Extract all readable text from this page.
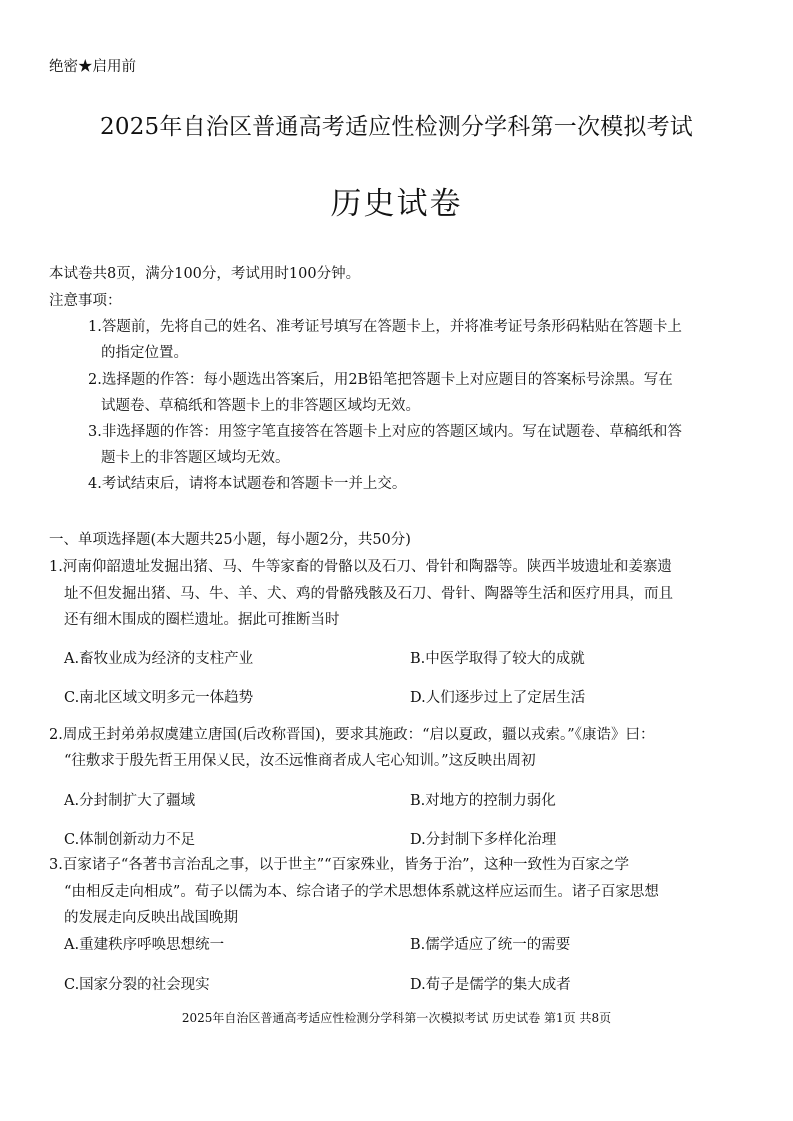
绝密★启用前
2025年自治区普通高考适应性检测分学科第一次模拟考试
历史试卷
本试卷共8页，满分100分，考试用时100分钟。
注意事项：
1.答题前，先将自己的姓名、准考证号填写在答题卡上，并将准考证号条形码粘贴在答题卡上
的指定位置。
2.选择题的作答：每小题选出答案后，用2B铅笔把答题卡上对应题目的答案标号涂黑。写在
试题卷、草稿纸和答题卡上的非答题区域均无效。
3.非选择题的作答：用签字笔直接答在答题卡上对应的答题区域内。写在试题卷、草稿纸和答
题卡上的非答题区域均无效。
4.考试结束后，请将本试题卷和答题卡一并上交。
一、单项选择题(本大题共25小题，每小题2分，共50分)
1.河南仰韶遗址发掘出猪、马、牛等家畜的骨骼以及石刀、骨针和陶器等。陕西半坡遗址和姜寨遗
址不但发掘出猪、马、牛、羊、犬、鸡的骨骼残骸及石刀、骨针、陶器等生活和医疗用具，而且
还有细木围成的圈栏遗址。据此可推断当时
A.畜牧业成为经济的支柱产业	B.中医学取得了较大的成就
C.南北区域文明多元一体趋势	D.人们逐步过上了定居生活
2.周成王封弟弟叔虞建立唐国(后改称晋国)，要求其施政：“启以夏政，疆以戎索。”《康诰》曰：
“往敷求于殷先哲王用保乂民，汝丕远惟商者成人宅心知训。”这反映出周初
A.分封制扩大了疆域	B.对地方的控制力弱化
C.体制创新动力不足	D.分封制下多样化治理
3.百家诸子“各著书言治乱之事，以于世主”“百家殊业，皆务于治”，这种一致性为百家之学
“由相反走向相成”。荀子以儒为本、综合诸子的学术思想体系就这样应运而生。诸子百家思想
的发展走向反映出战国晚期
A.重建秩序呼唤思想统一	B.儒学适应了统一的需要
C.国家分裂的社会现实	D.荀子是儒学的集大成者
2025年自治区普通高考适应性检测分学科第一次模拟考试 历史试卷 第1页 共8页
